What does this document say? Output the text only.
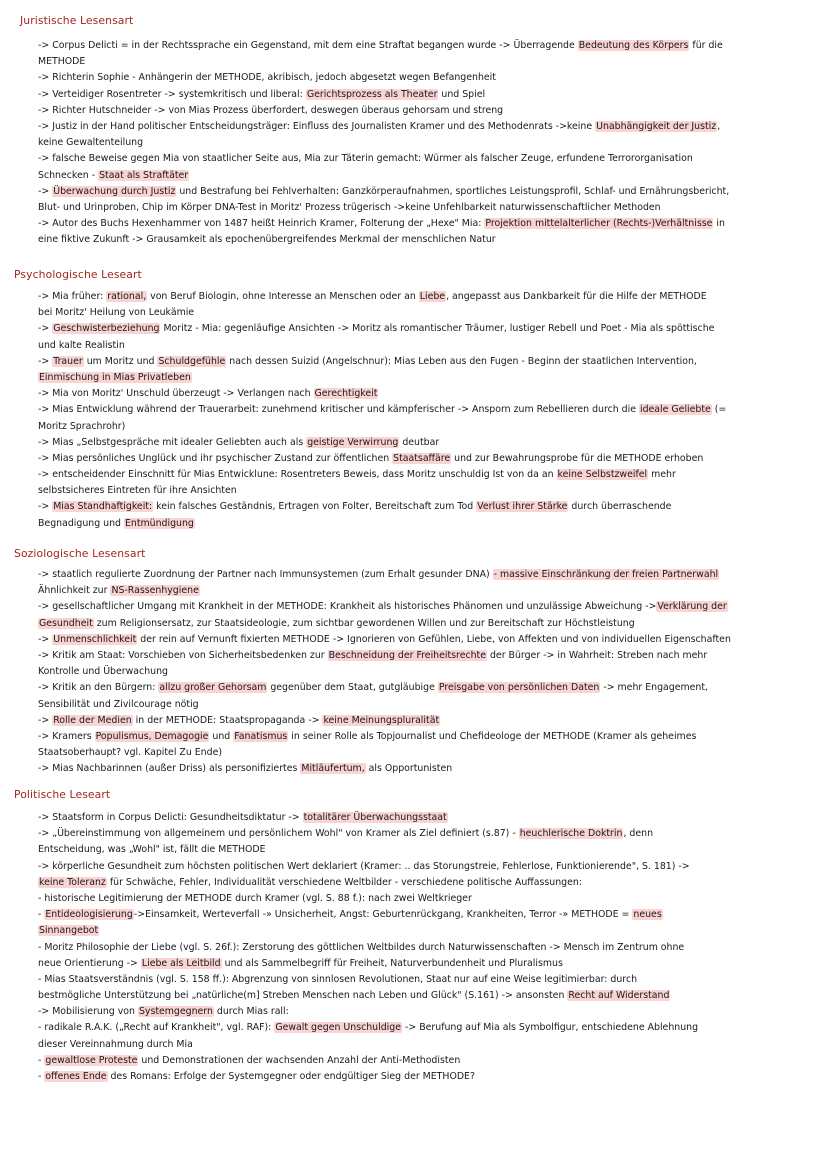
Juristische Lesensart
-> Corpus Delicti = in der Rechtssprache ein Gegenstand, mit dem eine Straftat begangen wurde -> Überragende Bedeutung des Körpers für die
METHODE
-> Richterin Sophie - Anhängerin der METHODE, akribisch, jedoch abgesetzt wegen Befangenheit
-> Verteidiger Rosentreter -> systemkritisch und liberal: Gerichtsprozess als Theater und Spiel
-> Richter Hutschneider -> von Mias Prozess überfordert, deswegen überaus gehorsam und streng
-> Justiz in der Hand politischer Entscheidungsträger: Einfluss des Journalisten Kramer und des Methodenrats ->keine Unabhängigkeit der Justiz,
keine Gewaltenteilung
-> falsche Beweise gegen Mia von staatlicher Seite aus, Mia zur Täterin gemacht: Würmer als falscher Zeuge, erfundene Terrororganisation
Schnecken - Staat als Straftäter
-> Überwachung durch Justiz und Bestrafung bei Fehlverhalten: Ganzkörperaufnahmen, sportliches Leistungsprofil, Schlaf- und Ernährungsbericht,
Blut- und Urinproben, Chip im Körper DNA-Test in Moritz' Prozess trügerisch ->keine Unfehlbarkeit naturwissenschaftlicher Methoden
-> Autor des Buchs Hexenhammer von 1487 heißt Heinrich Kramer, Folterung der „Hexe" Mia: Projektion mittelalterlicher (Rechts-)Verhältnisse in
eine fiktive Zukunft -> Grausamkeit als epochenübergreifendes Merkmal der menschlichen Natur
Psychologische Leseart
-> Mia früher: rational, von Beruf Biologin, ohne Interesse an Menschen oder an Liebe, angepasst aus Dankbarkeit für die Hilfe der METHODE
bei Moritz' Heilung von Leukämie
-> Geschwisterbeziehung Moritz - Mia: gegenläufige Ansichten -> Moritz als romantischer Träumer, lustiger Rebell und Poet - Mia als spöttische
und kalte Realistin
-> Trauer um Moritz und Schuldgefühle nach dessen Suizid (Angelschnur): Mias Leben aus den Fugen - Beginn der staatlichen Intervention,
Einmischung in Mias Privatleben
-> Mia von Moritz' Unschuld überzeugt -> Verlangen nach Gerechtigkeit
-> Mias Entwicklung während der Trauerarbeit: zunehmend kritischer und kämpferischer -> Ansporn zum Rebellieren durch die ideale Geliebte (=
Moritz Sprachrohr)
-> Mias „Selbstgespräche mit idealer Geliebten auch als geistige Verwirrung deutbar
-> Mias persönliches Unglück und ihr psychischer Zustand zur öffentlichen Staatsaffäre und zur Bewahrungsprobe für die METHODE erhoben
-> entscheidender Einschnitt für Mias Entwicklune: Rosentreters Beweis, dass Moritz unschuldig Ist von da an keine Selbstzweifel mehr
selbstsicheres Eintreten für ihre Ansichten
-> Mias Standhaftigkeit: kein falsches Geständnis, Ertragen von Folter, Bereitschaft zum Tod Verlust ihrer Stärke durch überraschende
Begnadigung und Entmündigung
Soziologische Lesensart
-> staatlich regulierte Zuordnung der Partner nach Immunsystemen (zum Erhalt gesunder DNA) - massive Einschränkung der freien Partnerwahl
Ähnlichkeit zur NS-Rassenhygiene
-> gesellschaftlicher Umgang mit Krankheit in der METHODE: Krankheit als historisches Phänomen und unzulässige Abweichung ->Verklärung der
Gesundheit zum Religionsersatz, zur Staatsideologie, zum sichtbar gewordenen Willen und zur Bereitschaft zur Höchstleistung
-> Unmenschlichkeit der rein auf Vernunft fixierten METHODE -> Ignorieren von Gefühlen, Liebe, von Affekten und von individuellen Eigenschaften
-> Kritik am Staat: Vorschieben von Sicherheitsbedenken zur Beschneidung der Freiheitsrechte der Bürger -> in Wahrheit: Streben nach mehr
Kontrolle und Überwachung
-> Kritik an den Bürgern: allzu großer Gehorsam gegenüber dem Staat, gutgläubige Preisgabe von persönlichen Daten -> mehr Engagement,
Sensibilität und Zivilcourage nötig
-> Rolle der Medien in der METHODE: Staatspropaganda -> keine Meinungspluralität
-> Kramers Populismus, Demagogie und Fanatismus in seiner Rolle als Topjournalist und Chefideologe der METHODE (Kramer als geheimes
Staatsoberhaupt? vgl. Kapitel Zu Ende)
-> Mias Nachbarinnen (außer Driss) als personifiziertes Mitläufertum, als Opportunisten
Politische Leseart
-> Staatsform in Corpus Delicti: Gesundheitsdiktatur -> totalitärer Überwachungsstaat
-> „Übereinstimmung von allgemeinem und persönlichem Wohl" von Kramer als Ziel definiert (s.87) - heuchlerische Doktrin, denn
Entscheidung, was „Wohl" ist, fällt die METHODE
-> körperliche Gesundheit zum höchsten politischen Wert deklariert (Kramer: .. das Storungstreie, Fehlerlose, Funktionierende", S. 181) ->
keine Toleranz für Schwäche, Fehler, Individualität verschiedene Weltbilder - verschiedene politische Auffassungen:
- historische Legitimierung der METHODE durch Kramer (vgl. S. 88 f.): nach zwei Weltkrieger
- Entideologisierung->Einsamkeit, Werteverfall -» Unsicherheit, Angst: Geburtenrückgang, Krankheiten, Terror -» METHODE = neues
Sinnangebot
- Moritz Philosophie der Liebe (vgl. S. 26f.): Zerstorung des göttlichen Weltbildes durch Naturwissenschaften -> Mensch im Zentrum ohne
neue Orientierung -> Liebe als Leitbild und als Sammelbegriff für Freiheit, Naturverbundenheit und Pluralismus
- Mias Staatsverständnis (vgl. S. 158 ff.): Abgrenzung von sinnlosen Revolutionen, Staat nur auf eine Weise legitimierbar: durch
bestmögliche Unterstützung bei „natürliche(m] Streben Menschen nach Leben und Glück" (S.161) -> ansonsten Recht auf Widerstand
-> Mobilisierung von Systemgegnern durch Mias rall:
- radikale R.A.K. („Recht auf Krankheit", vgl. RAF): Gewalt gegen Unschuldige -> Berufung auf Mia als Symbolfigur, entschiedene Ablehnung
dieser Vereinnahmung durch Mia
- gewaltlose Proteste und Demonstrationen der wachsenden Anzahl der Anti-Methodisten
- offenes Ende des Romans: Erfolge der Systemgegner oder endgültiger Sieg der METHODE?
